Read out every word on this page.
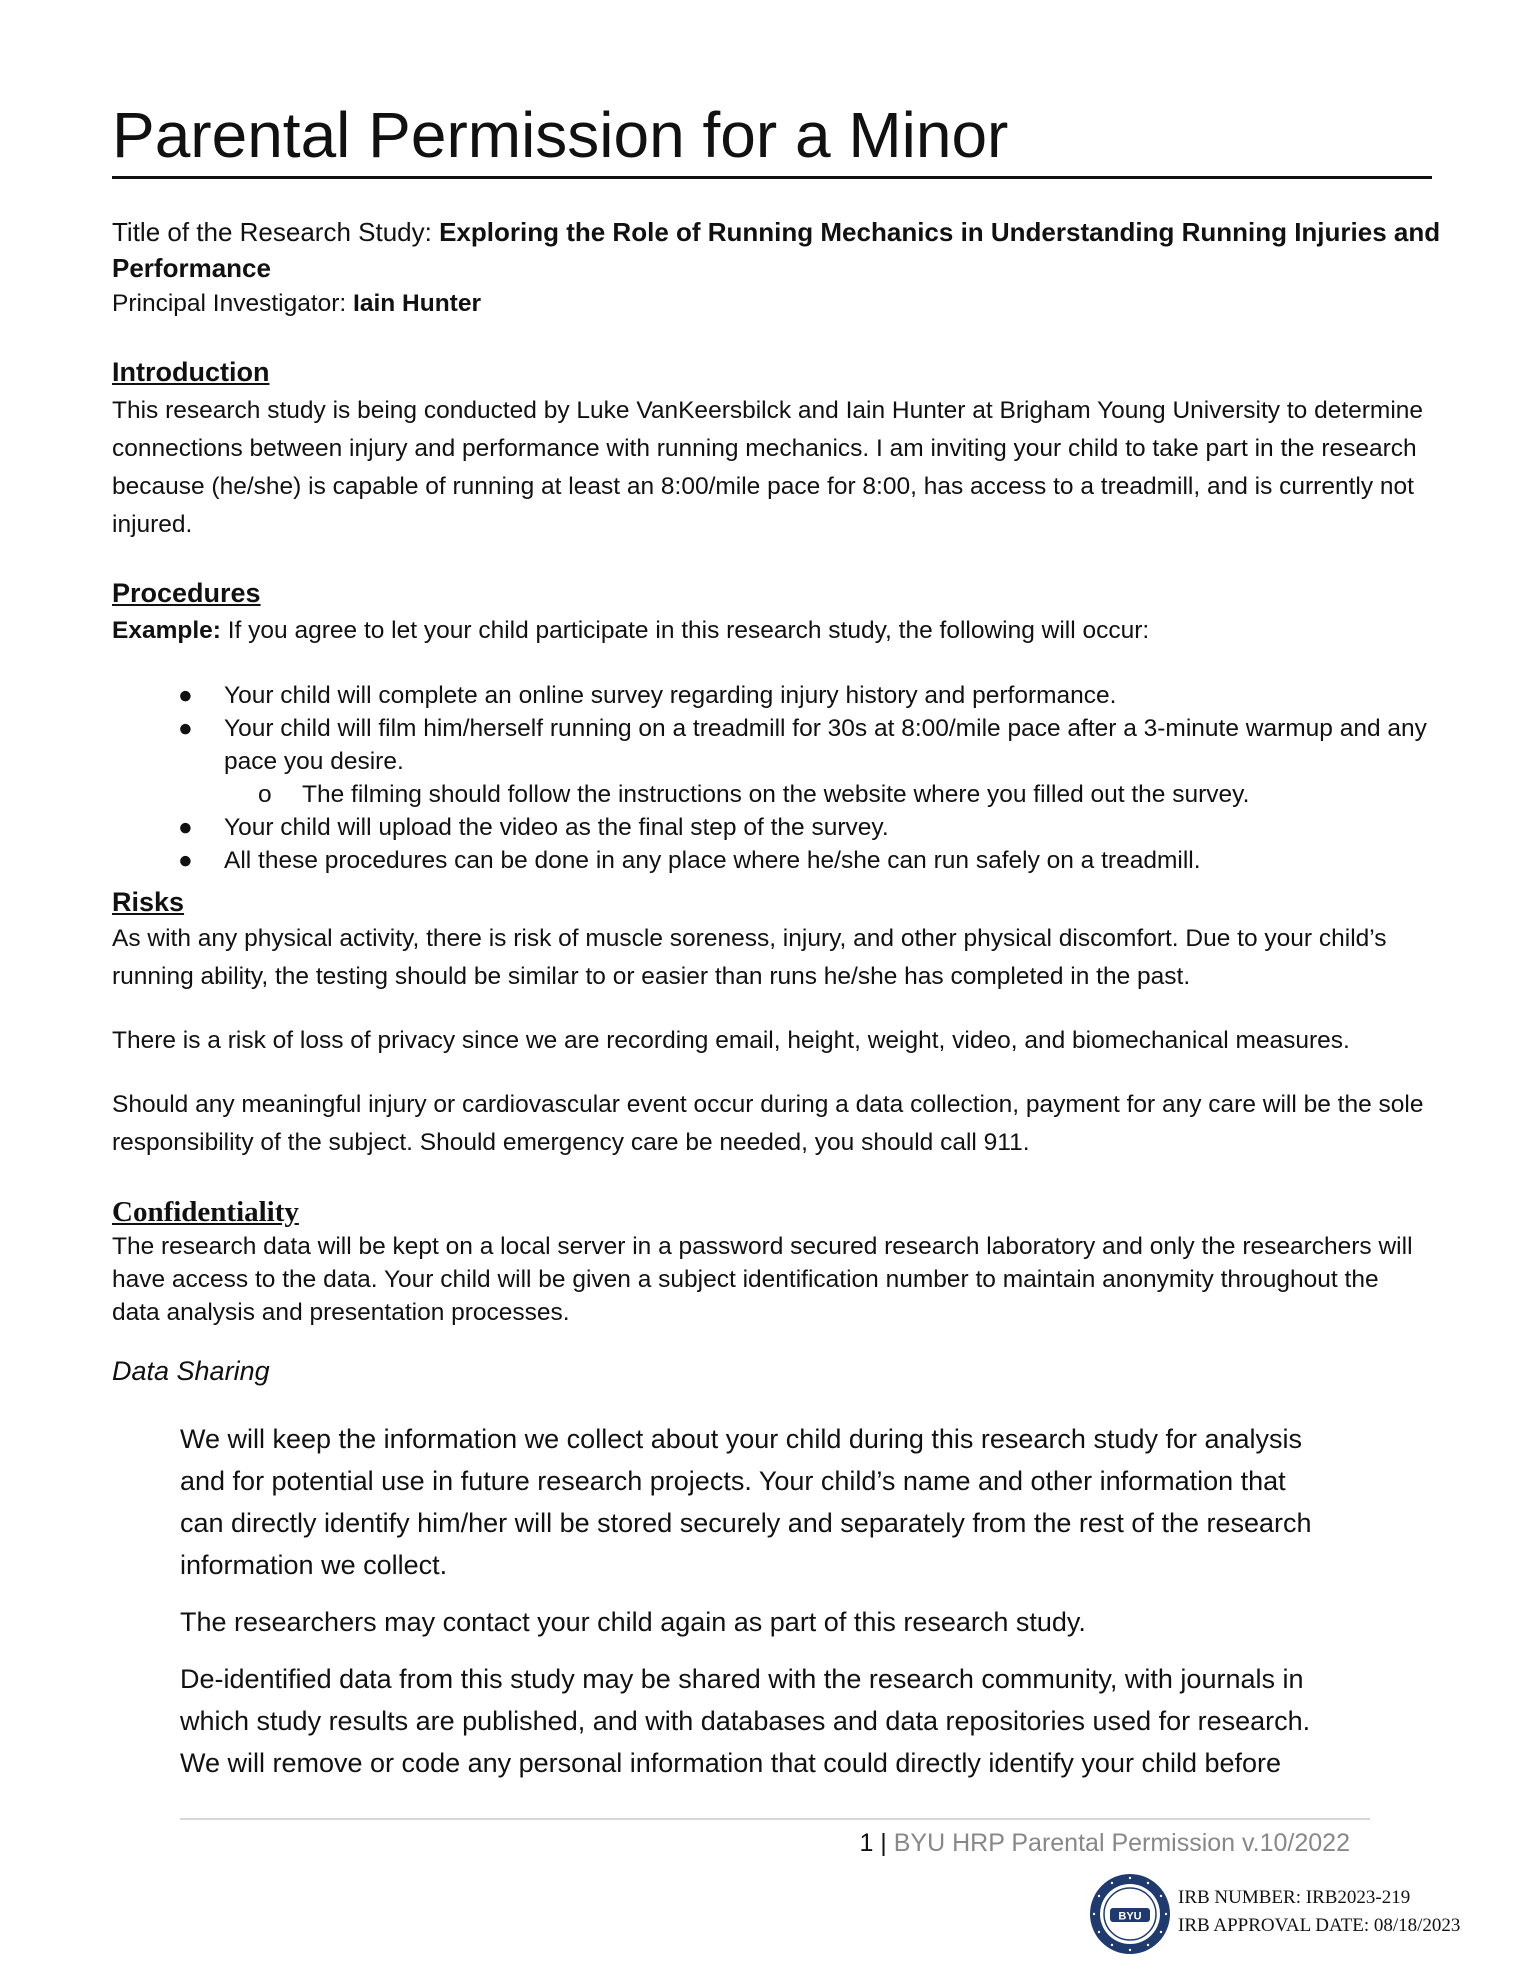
Parental Permission for a Minor
Title of the Research Study: Exploring the Role of Running Mechanics in Understanding Running Injuries and
Performance
Principal Investigator: Iain Hunter
Introduction
This research study is being conducted by Luke VanKeersbilck and Iain Hunter at Brigham Young University to determine
connections between injury and performance with running mechanics. I am inviting your child to take part in the research
because (he/she) is capable of running at least an 8:00/mile pace for 8:00, has access to a treadmill, and is currently not
injured.
Procedures
Example: If you agree to let your child participate in this research study, the following will occur:
● Your child will complete an online survey regarding injury history and performance.
● Your child will film him/herself running on a treadmill for 30s at 8:00/mile pace after a 3-minute warmup and any
pace you desire.
o The filming should follow the instructions on the website where you filled out the survey.
● Your child will upload the video as the final step of the survey.
● All these procedures can be done in any place where he/she can run safely on a treadmill.
Risks
As with any physical activity, there is risk of muscle soreness, injury, and other physical discomfort. Due to your child’s
running ability, the testing should be similar to or easier than runs he/she has completed in the past.
There is a risk of loss of privacy since we are recording email, height, weight, video, and biomechanical measures.
Should any meaningful injury or cardiovascular event occur during a data collection, payment for any care will be the sole
responsibility of the subject. Should emergency care be needed, you should call 911.
Confidentiality
The research data will be kept on a local server in a password secured research laboratory and only the researchers will
have access to the data. Your child will be given a subject identification number to maintain anonymity throughout the
data analysis and presentation processes.
Data Sharing
We will keep the information we collect about your child during this research study for analysis
and for potential use in future research projects. Your child’s name and other information that
can directly identify him/her will be stored securely and separately from the rest of the research
information we collect.
The researchers may contact your child again as part of this research study.
De-identified data from this study may be shared with the research community, with journals in
which study results are published, and with databases and data repositories used for research.
We will remove or code any personal information that could directly identify your child before
1 | BYU HRP Parental Permission v.10/2022
BYU
IRB NUMBER: IRB2023-219
IRB APPROVAL DATE: 08/18/2023
